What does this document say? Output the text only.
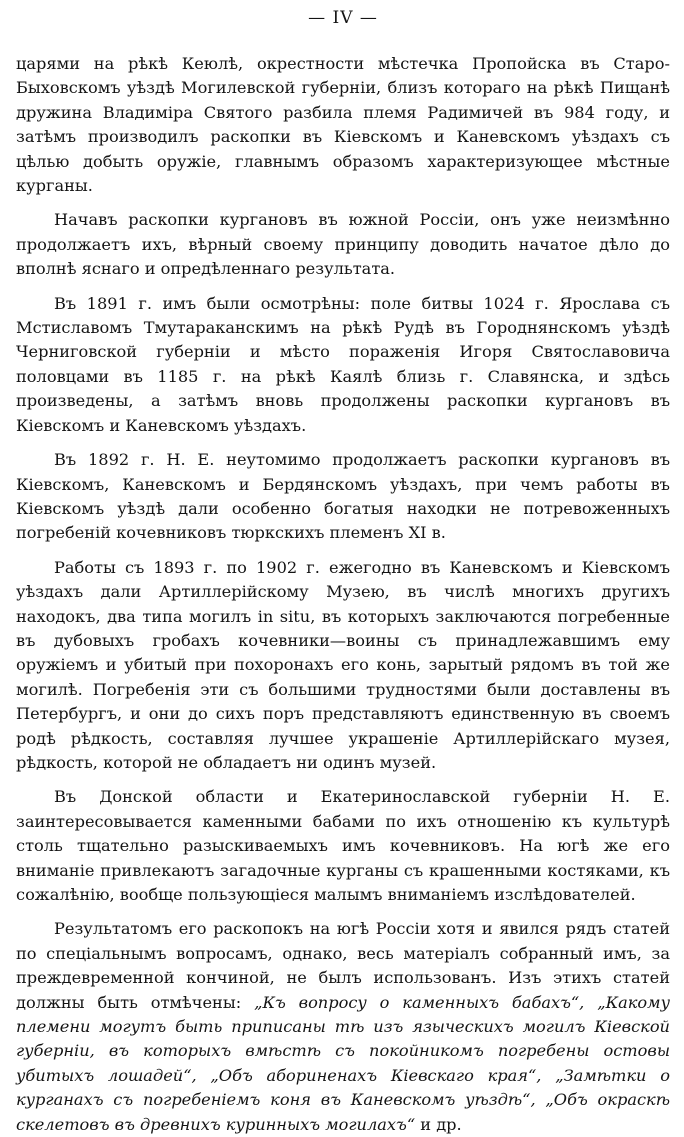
— IV —

царями на рѣкѣ Кеюлѣ, окрестности мѣстечка Пропойска въ Старо-Быховскомъ уѣздѣ Могилевской губерніи, близъ котораго на рѣкѣ Пищанѣ дружина Владиміра Святого разбила племя Радимичей въ 984 году, и затѣмъ производилъ раскопки въ Кіевскомъ и Каневскомъ уѣздахъ съ цѣлью добыть оружіе, главнымъ образомъ характеризующее мѣстные курганы.

Начавъ раскопки кургановъ въ южной Россіи, онъ уже неизмѣнно продолжаетъ ихъ, вѣрный своему принципу доводить начатое дѣло до вполнѣ яснаго и опредѣленнаго результата.

Въ 1891 г. имъ были осмотрѣны: поле битвы 1024 г. Ярослава съ Мстиславомъ Тмутараканскимъ на рѣкѣ Рудѣ въ Городнянскомъ уѣздѣ Черниговской губерніи и мѣсто пораженія Игоря Святославовича половцами въ 1185 г. на рѣкѣ Каялѣ близь г. Славянска, и здѣсь произведены, а затѣмъ вновь продолжены раскопки кургановъ въ Кіевскомъ и Каневскомъ уѣздахъ.

Въ 1892 г. Н. Е. неутомимо продолжаетъ раскопки кургановъ въ Кіевскомъ, Каневскомъ и Бердянскомъ уѣздахъ, при чемъ работы въ Кіевскомъ уѣздѣ дали особенно богатыя находки не потревоженныхъ погребеній кочевниковъ тюркскихъ племенъ XI в.

Работы съ 1893 г. по 1902 г. ежегодно въ Каневскомъ и Кіевскомъ уѣздахъ дали Артиллерійскому Музею, въ числѣ многихъ другихъ находокъ, два типа могилъ in situ, въ которыхъ заключаются погребенные въ дубовыхъ гробахъ кочевники—воины съ принадлежавшимъ ему оружіемъ и убитый при похоронахъ его конь, зарытый рядомъ въ той же могилѣ. Погребенія эти съ большими трудностями были доставлены въ Петербургъ, и они до сихъ поръ представляютъ единственную въ своемъ родѣ рѣдкость, составляя лучшее украшеніе Артиллерійскаго музея, рѣдкость, которой не обладаетъ ни одинъ музей.

Въ Донской области и Екатеринославской губерніи Н. Е. заинтересовывается каменными бабами по ихъ отношенію къ культурѣ столь тщательно разыскиваемыхъ имъ кочевниковъ. На югѣ же его вниманіе привлекаютъ загадочные курганы съ крашенными костяками, къ сожалѣнію, вообще пользующіеся малымъ вниманіемъ изслѣдователей.

Результатомъ его раскопокъ на югѣ Россіи хотя и явился рядъ статей по спеціальнымъ вопросамъ, однако, весь матеріалъ собранный имъ, за преждевременной кончиной, не былъ использованъ. Изъ этихъ статей должны быть отмѣчены: „Къ вопросу о каменныхъ бабахъ“, „Какому племени могутъ быть приписаны тѣ изъ языческихъ могилъ Кіевской губерніи, въ которыхъ вмѣстѣ съ покойникомъ погребены остовы убитыхъ лошадей“, „Объ абориненахъ Кіевскаго края“, „Замѣтки о курганахъ съ погребеніемъ коня въ Каневскомъ уѣздѣ“, „Объ окраскѣ скелетовъ въ древнихъ куринныхъ могилахъ“ и др.
